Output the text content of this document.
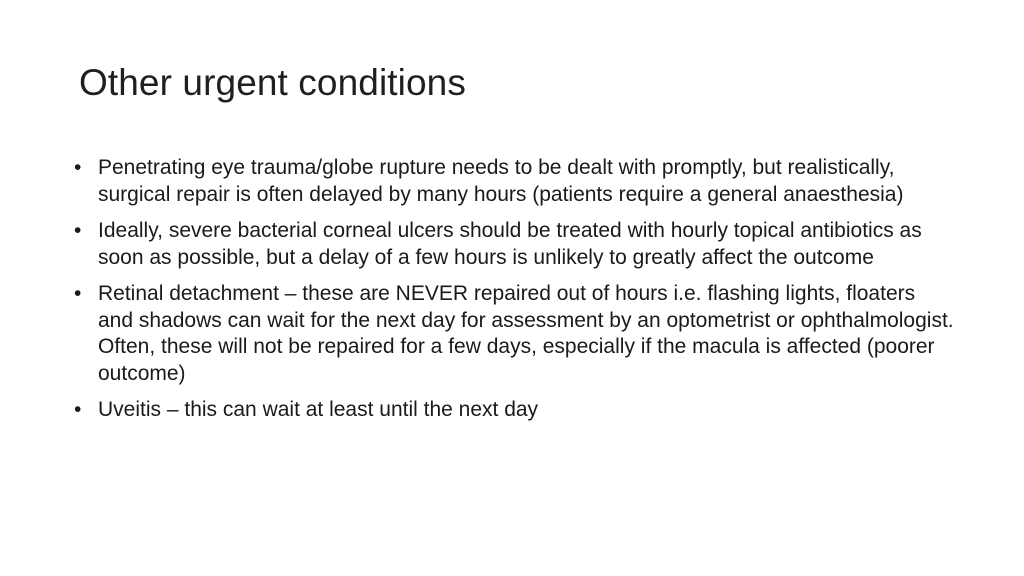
Other urgent conditions
• Penetrating eye trauma/globe rupture needs to be dealt with promptly, but realistically, surgical repair is often delayed by many hours (patients require a general anaesthesia)
• Ideally, severe bacterial corneal ulcers should be treated with hourly topical antibiotics as soon as possible, but a delay of a few hours is unlikely to greatly affect the outcome
• Retinal detachment – these are NEVER repaired out of hours i.e. flashing lights, floaters and shadows can wait for the next day for assessment by an optometrist or ophthalmologist. Often, these will not be repaired for a few days, especially if the macula is affected (poorer outcome)
• Uveitis – this can wait at least until the next day
